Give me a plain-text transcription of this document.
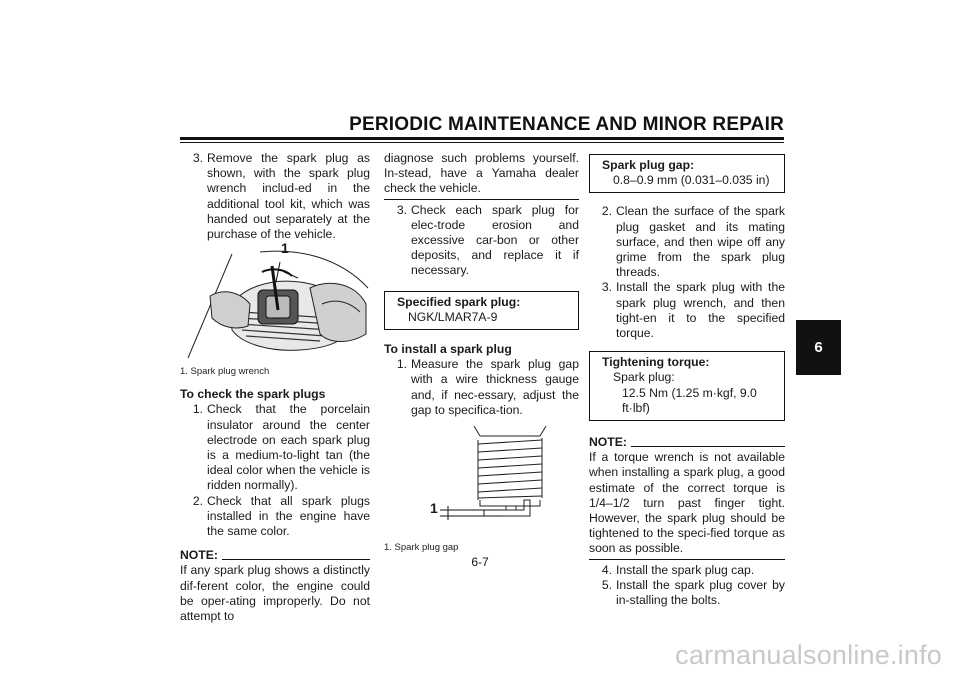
PERIODIC MAINTENANCE AND MINOR REPAIR
3. Remove the spark plug as shown, with the spark plug wrench includ-ed in the additional tool kit, which was handed out separately at the purchase of the vehicle.
1

1. Spark plug wrench

To check the spark plugs

1. Check that the porcelain insulator around the center electrode on each spark plug is a medium-to-light tan (the ideal color when the vehicle is ridden normally).
2. Check that all spark plugs installed in the engine have the same color.
NOTE:

If any spark plug shows a distinctly dif-ferent color, the engine could be oper-ating improperly. Do not attempt to

diagnose such problems yourself. In-stead, have a Yamaha dealer check the vehicle.

3. Check each spark plug for elec-trode erosion and excessive car-bon or other deposits, and replace it if necessary.
Specified spark plug:
NGK/LMAR7A-9

To install a spark plug

1. Measure the spark plug gap with a wire thickness gauge and, if nec-essary, adjust the gap to specifica-tion.
1

1. Spark plug gap

Spark plug gap:
0.8–0.9 mm (0.031–0.035 in)
2. Clean the surface of the spark plug gasket and its mating surface, and then wipe off any grime from the spark plug threads.
3. Install the spark plug with the spark plug wrench, and then tight-en it to the specified torque.
Tightening torque:
Spark plug:
12.5 Nm (1.25 m·kgf, 9.0 ft·lbf)
NOTE:

If a torque wrench is not available when installing a spark plug, a good estimate of the correct torque is 1/4–1/2 turn past finger tight. However, the spark plug should be tightened to the speci-fied torque as soon as possible.

4. Install the spark plug cap.
5. Install the spark plug cover by in-stalling the bolts.
6
6-7
carmanualsonline.info
